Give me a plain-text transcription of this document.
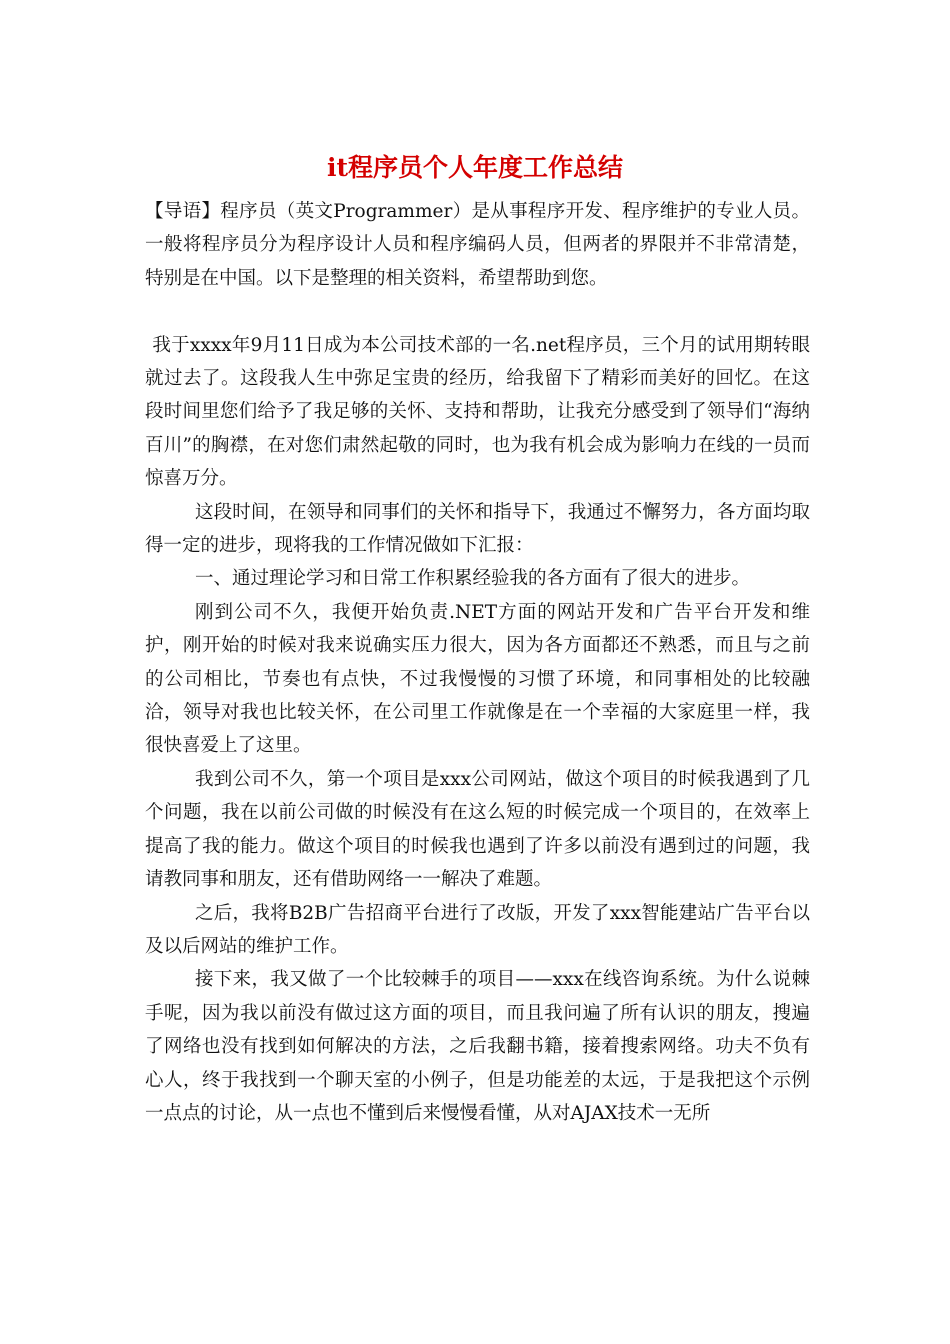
it程序员个人年度工作总结

【导语】程序员（英文Programmer）是从事程序开发、程序维护的专业人员。一般将程序员分为程序设计人员和程序编码人员，但两者的界限并不非常清楚，特别是在中国。以下是整理的相关资料，希望帮助到您。

我于xxxx年9月11日成为本公司技术部的一名.net程序员，三个月的试用期转眼就过去了。这段我人生中弥足宝贵的经历，给我留下了精彩而美好的回忆。在这段时间里您们给予了我足够的关怀、支持和帮助，让我充分感受到了领导们“海纳百川”的胸襟，在对您们肃然起敬的同时，也为我有机会成为影响力在线的一员而惊喜万分。

这段时间，在领导和同事们的关怀和指导下，我通过不懈努力，各方面均取得一定的进步，现将我的工作情况做如下汇报：

一、通过理论学习和日常工作积累经验我的各方面有了很大的进步。

刚到公司不久，我便开始负责.NET方面的网站开发和广告平台开发和维护，刚开始的时候对我来说确实压力很大，因为各方面都还不熟悉，而且与之前的公司相比，节奏也有点快，不过我慢慢的习惯了环境，和同事相处的比较融洽，领导对我也比较关怀，在公司里工作就像是在一个幸福的大家庭里一样，我很快喜爱上了这里。

我到公司不久，第一个项目是xxx公司网站，做这个项目的时候我遇到了几个问题，我在以前公司做的时候没有在这么短的时候完成一个项目的，在效率上提高了我的能力。做这个项目的时候我也遇到了许多以前没有遇到过的问题，我请教同事和朋友，还有借助网络一一解决了难题。

之后，我将B2B广告招商平台进行了改版，开发了xxx智能建站广告平台以及以后网站的维护工作。

接下来，我又做了一个比较棘手的项目——xxx在线咨询系统。为什么说棘手呢，因为我以前没有做过这方面的项目，而且我问遍了所有认识的朋友，搜遍了网络也没有找到如何解决的方法，之后我翻书籍，接着搜索网络。功夫不负有心人，终于我找到一个聊天室的小例子，但是功能差的太远，于是我把这个示例一点点的讨论，从一点也不懂到后来慢慢看懂，从对AJAX技术一无所
